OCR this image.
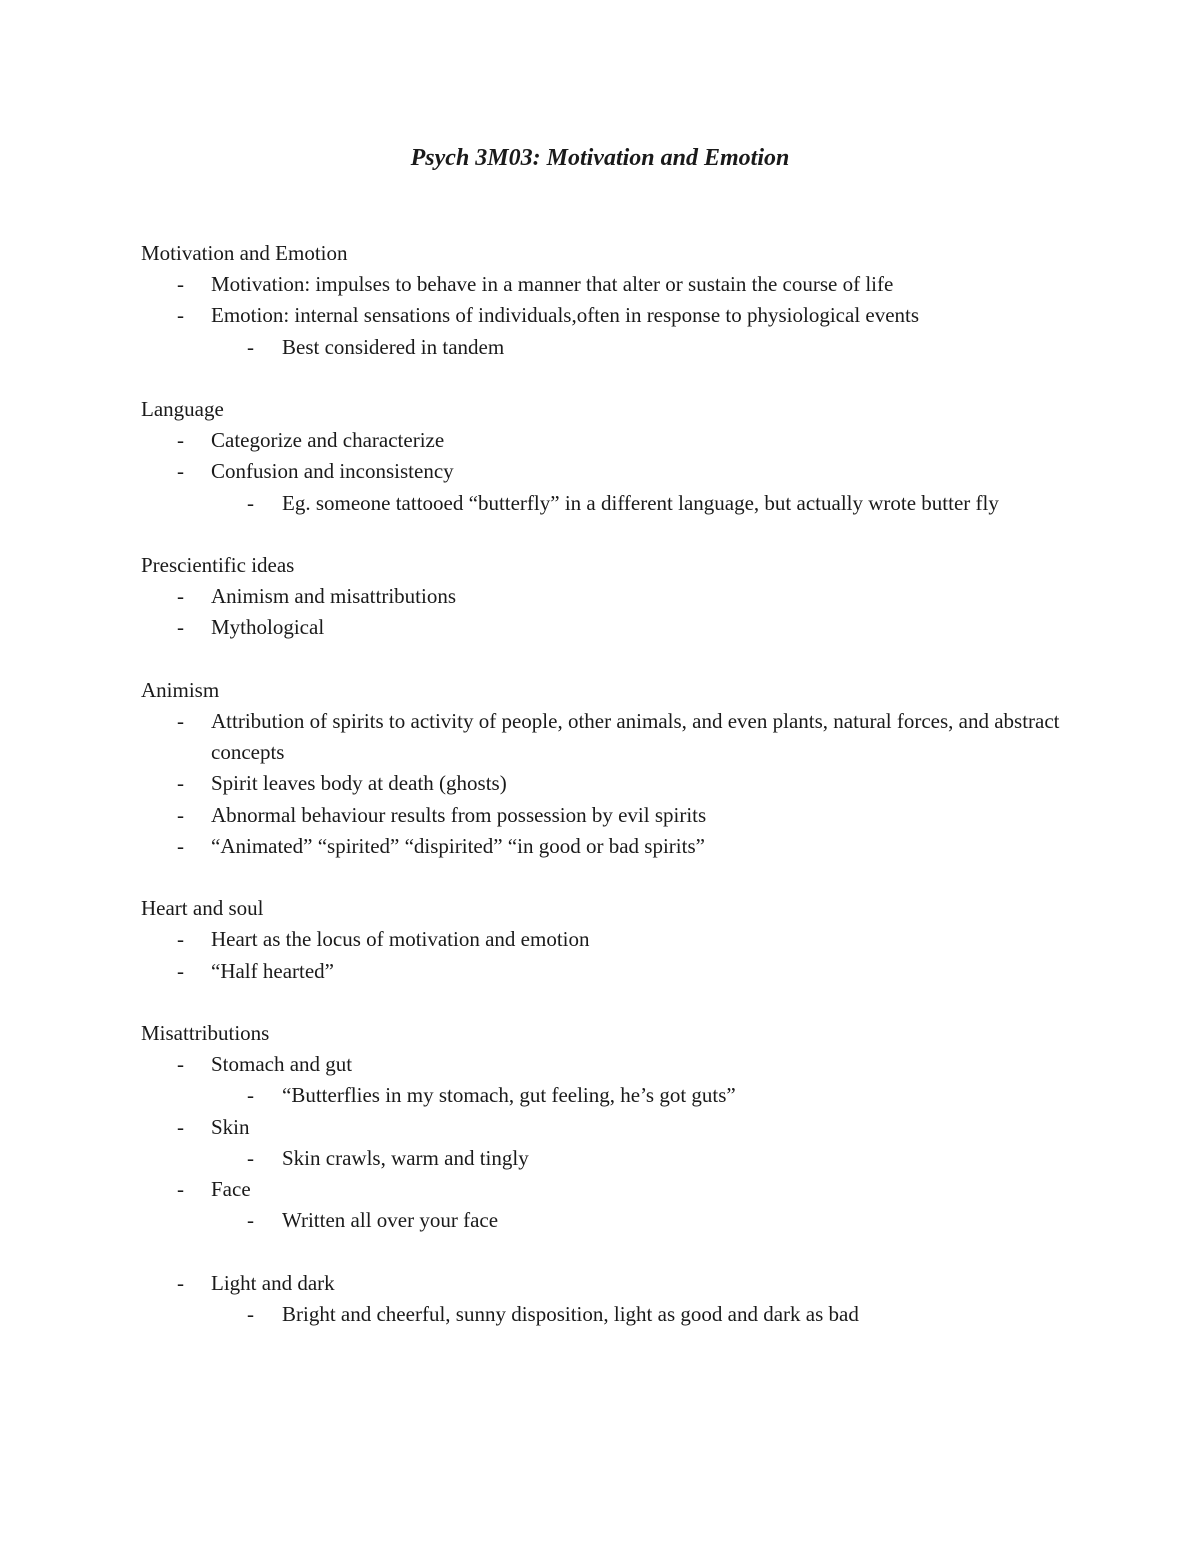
Psych 3M03: Motivation and Emotion
Motivation and Emotion
- Motivation: impulses to behave in a manner that alter or sustain the course of life
- Emotion: internal sensations of individuals,often in response to physiological events
- Best considered in tandem
Language
- Categorize and characterize
- Confusion and inconsistency
- Eg. someone tattooed “butterfly” in a different language, but actually wrote butter fly
Prescientific ideas
- Animism and misattributions
- Mythological
Animism
- Attribution of spirits to activity of people, other animals, and even plants, natural forces, and abstract concepts
- Spirit leaves body at death (ghosts)
- Abnormal behaviour results from possession by evil spirits
- “Animated” “spirited” “dispirited” “in good or bad spirits”
Heart and soul
- Heart as the locus of motivation and emotion
- “Half hearted”
Misattributions
- Stomach and gut
- “Butterflies in my stomach, gut feeling, he’s got guts”
- Skin
- Skin crawls, warm and tingly
- Face
- Written all over your face
- Light and dark
- Bright and cheerful, sunny disposition, light as good and dark as bad
